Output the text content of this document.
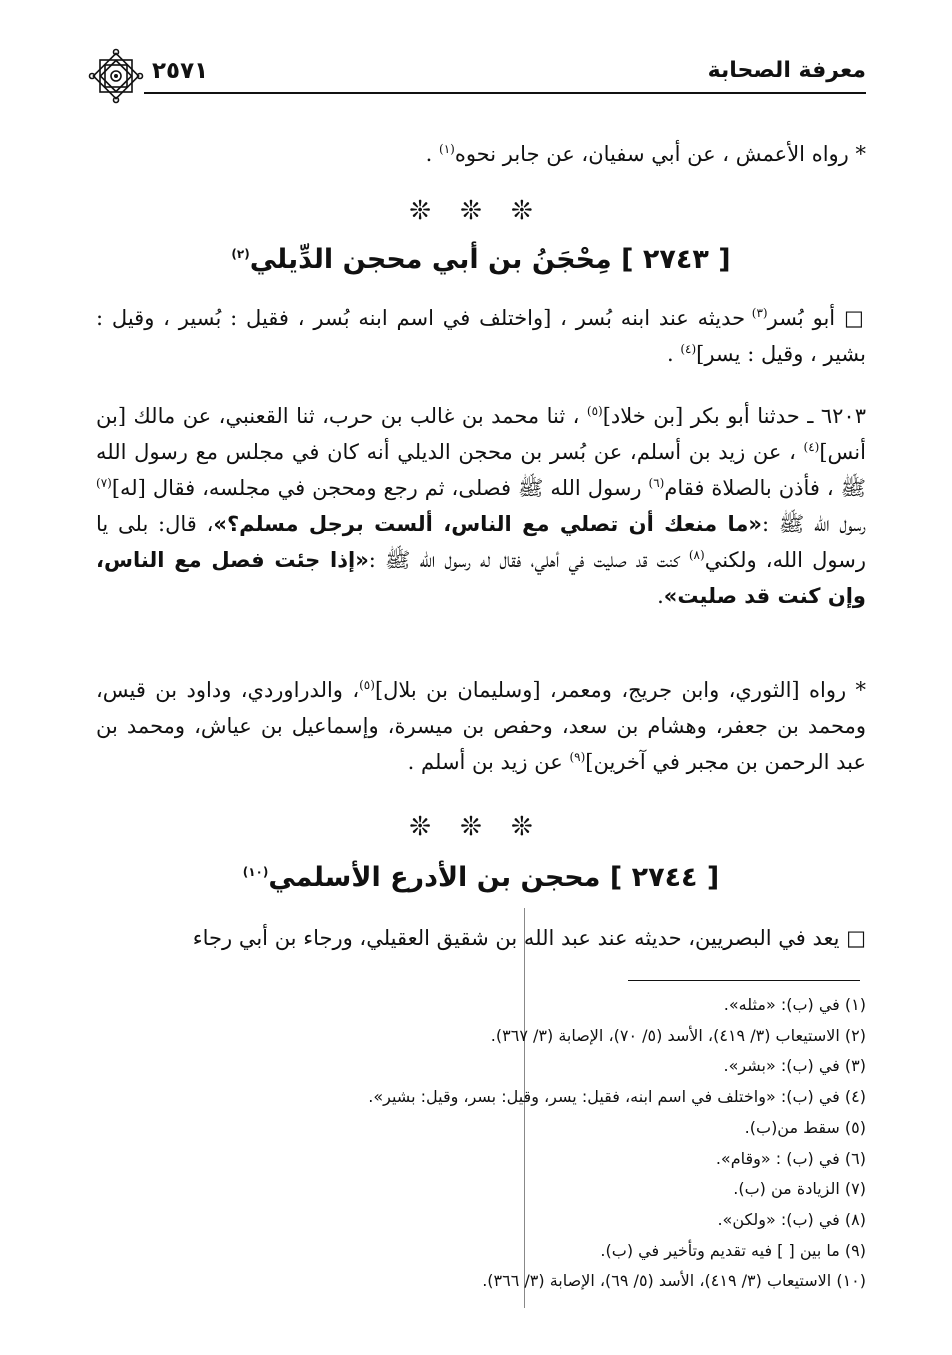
معرفة الصحابة
٢٥٧١
* رواه الأعمش ، عن أبي سفيان، عن جابر نحوه$^{(١)}$ .
❊ ❊ ❊
[ ٢٧٤٣ ] مِحْجَنُ بن أبي محجن الدِّيلي$^{(٢)}$
□ أبو بُسر$^{(٣)}$ حديثه عند ابنه بُسر ، [واختلف في اسم ابنه بُسر ، فقيل : بُسير ، وقيل : بشير ، وقيل : يسر]$^{(٤)}$ .
٦٢٠٣ ـ حدثنا أبو بكر [بن خلاد]$^{(٥)}$ ، ثنا محمد بن غالب بن حرب، ثنا القعنبي، عن مالك [بن أنس]$^{(٤)}$ ، عن زيد بن أسلم، عن بُسر بن محجن الديلي أنه كان في مجلس مع رسول الله ﷺ ، فأذن بالصلاة فقام$^{(٦)}$ رسول الله ﷺ فصلى، ثم رجع ومحجن في مجلسه، فقال [له]$^{(٧)}$ رسول الله ﷺ :«ما منعك أن تصلي مع الناس، ألست برجل مسلم؟»، قال: بلى يا رسول الله، ولكني$^{(٨)}$ كنت قد صليت في أهلي، فقال له رسول الله ﷺ :«إذا جئت فصل مع الناس، وإن كنت قد صليت».
* رواه [الثوري، وابن جريج، ومعمر، [وسليمان بن بلال]$^{(٥)}$، والدراوردي، وداود بن قيس، ومحمد بن جعفر، وهشام بن سعد، وحفص بن ميسرة، وإسماعيل بن عياش، ومحمد بن عبد الرحمن بن مجبر في آخرين]$^{(٩)}$ عن زيد بن أسلم .
❊ ❊ ❊
[ ٢٧٤٤ ] محجن بن الأدرع الأسلمي$^{(١٠)}$
□ يعد في البصريين، حديثه عند عبد الله بن شقيق العقيلي، ورجاء بن أبي رجاء
(١) في (ب): «مثله».
(٢) الاستيعاب (٣/ ٤١٩)، الأسد (٥/ ٧٠)، الإصابة (٣/ ٣٦٧).
(٣) في (ب): «بشر».
(٤) في (ب): «واختلف في اسم ابنه، فقيل: يسر، وقيل: بسر، وقيل: بشير».
(٥) سقط من(ب).
(٦) في (ب) : «وقام».
(٧) الزيادة من (ب).
(٨) في (ب): «ولكن».
(٩) ما بين [ ] فيه تقديم وتأخير في (ب).
(١٠) الاستيعاب (٣/ ٤١٩)، الأسد (٥/ ٦٩)، الإصابة (٣/ ٣٦٦).
